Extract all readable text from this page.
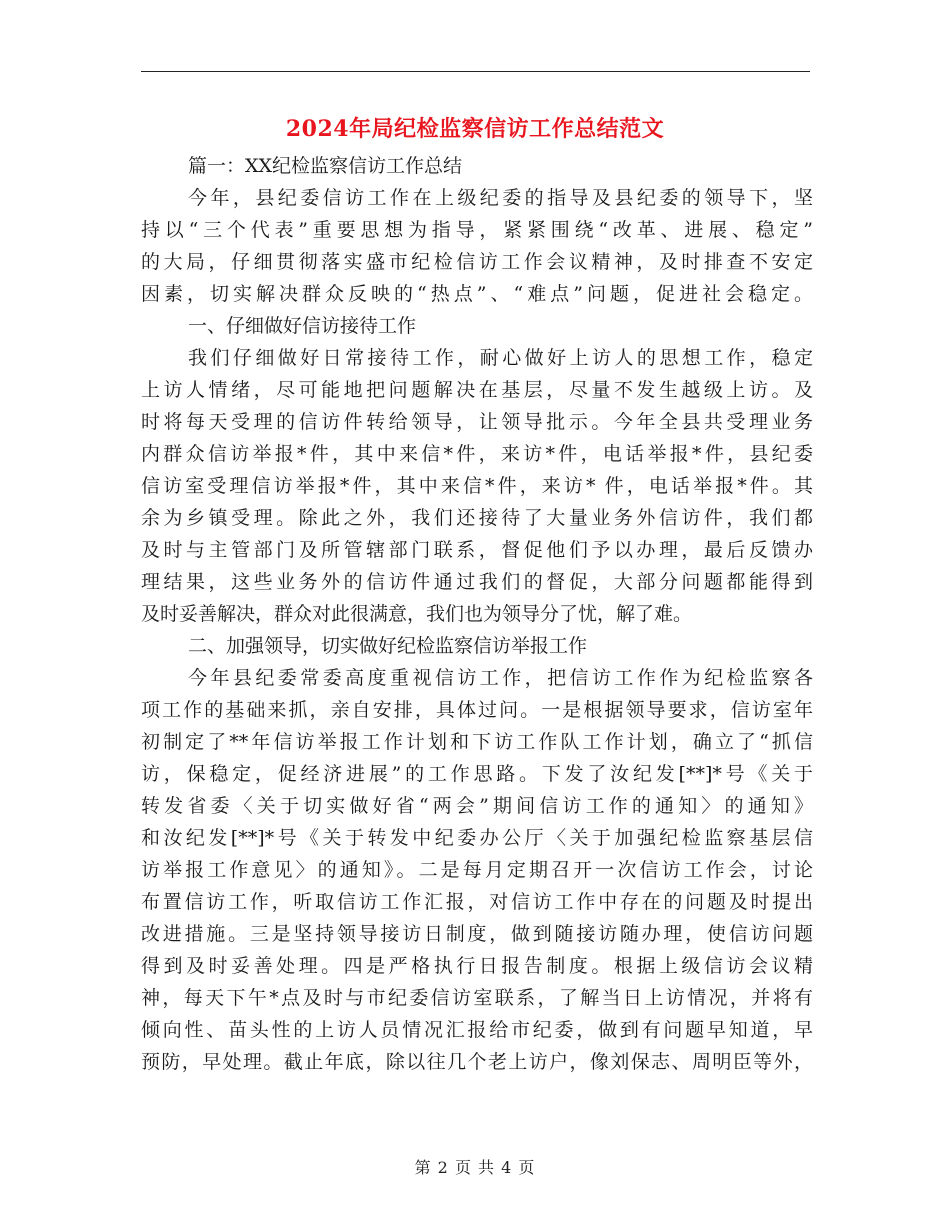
2024年局纪检监察信访工作总结范文
篇一：XX纪检监察信访工作总结
今年，县纪委信访工作在上级纪委的指导及县纪委的领导下，坚
持以“三个代表”重要思想为指导，紧紧围绕“改革、进展、稳定”
的大局，仔细贯彻落实盛市纪检信访工作会议精神，及时排查不安定
因素，切实解决群众反映的“热点”、“难点”问题，促进社会稳定。
一、仔细做好信访接待工作
我们仔细做好日常接待工作，耐心做好上访人的思想工作，稳定
上访人情绪，尽可能地把问题解决在基层，尽量不发生越级上访。及
时将每天受理的信访件转给领导，让领导批示。今年全县共受理业务
内群众信访举报*件，其中来信*件，来访*件，电话举报*件，县纪委
信访室受理信访举报*件，其中来信*件，来访* 件，电话举报*件。其
余为乡镇受理。除此之外，我们还接待了大量业务外信访件，我们都
及时与主管部门及所管辖部门联系，督促他们予以办理，最后反馈办
理结果，这些业务外的信访件通过我们的督促，大部分问题都能得到
及时妥善解决，群众对此很满意，我们也为领导分了忧，解了难。
二、加强领导，切实做好纪检监察信访举报工作
今年县纪委常委高度重视信访工作，把信访工作作为纪检监察各
项工作的基础来抓，亲自安排，具体过问。一是根据领导要求，信访室年
初制定了**年信访举报工作计划和下访工作队工作计划，确立了“抓信
访，保稳定，促经济进展”的工作思路。下发了汝纪发[**]*号《关于
转发省委〈关于切实做好省“两会”期间信访工作的通知〉的通知》
和汝纪发[**]*号《关于转发中纪委办公厅〈关于加强纪检监察基层信
访举报工作意见〉的通知》。二是每月定期召开一次信访工作会，讨论
布置信访工作，听取信访工作汇报，对信访工作中存在的问题及时提出
改进措施。三是坚持领导接访日制度，做到随接访随办理，使信访问题
得到及时妥善处理。四是严格执行日报告制度。根据上级信访会议精
神，每天下午*点及时与市纪委信访室联系，了解当日上访情况，并将有
倾向性、苗头性的上访人员情况汇报给市纪委，做到有问题早知道，早
预防，早处理。截止年底，除以往几个老上访户，像刘保志、周明臣等外，
第 2 页 共 4 页
